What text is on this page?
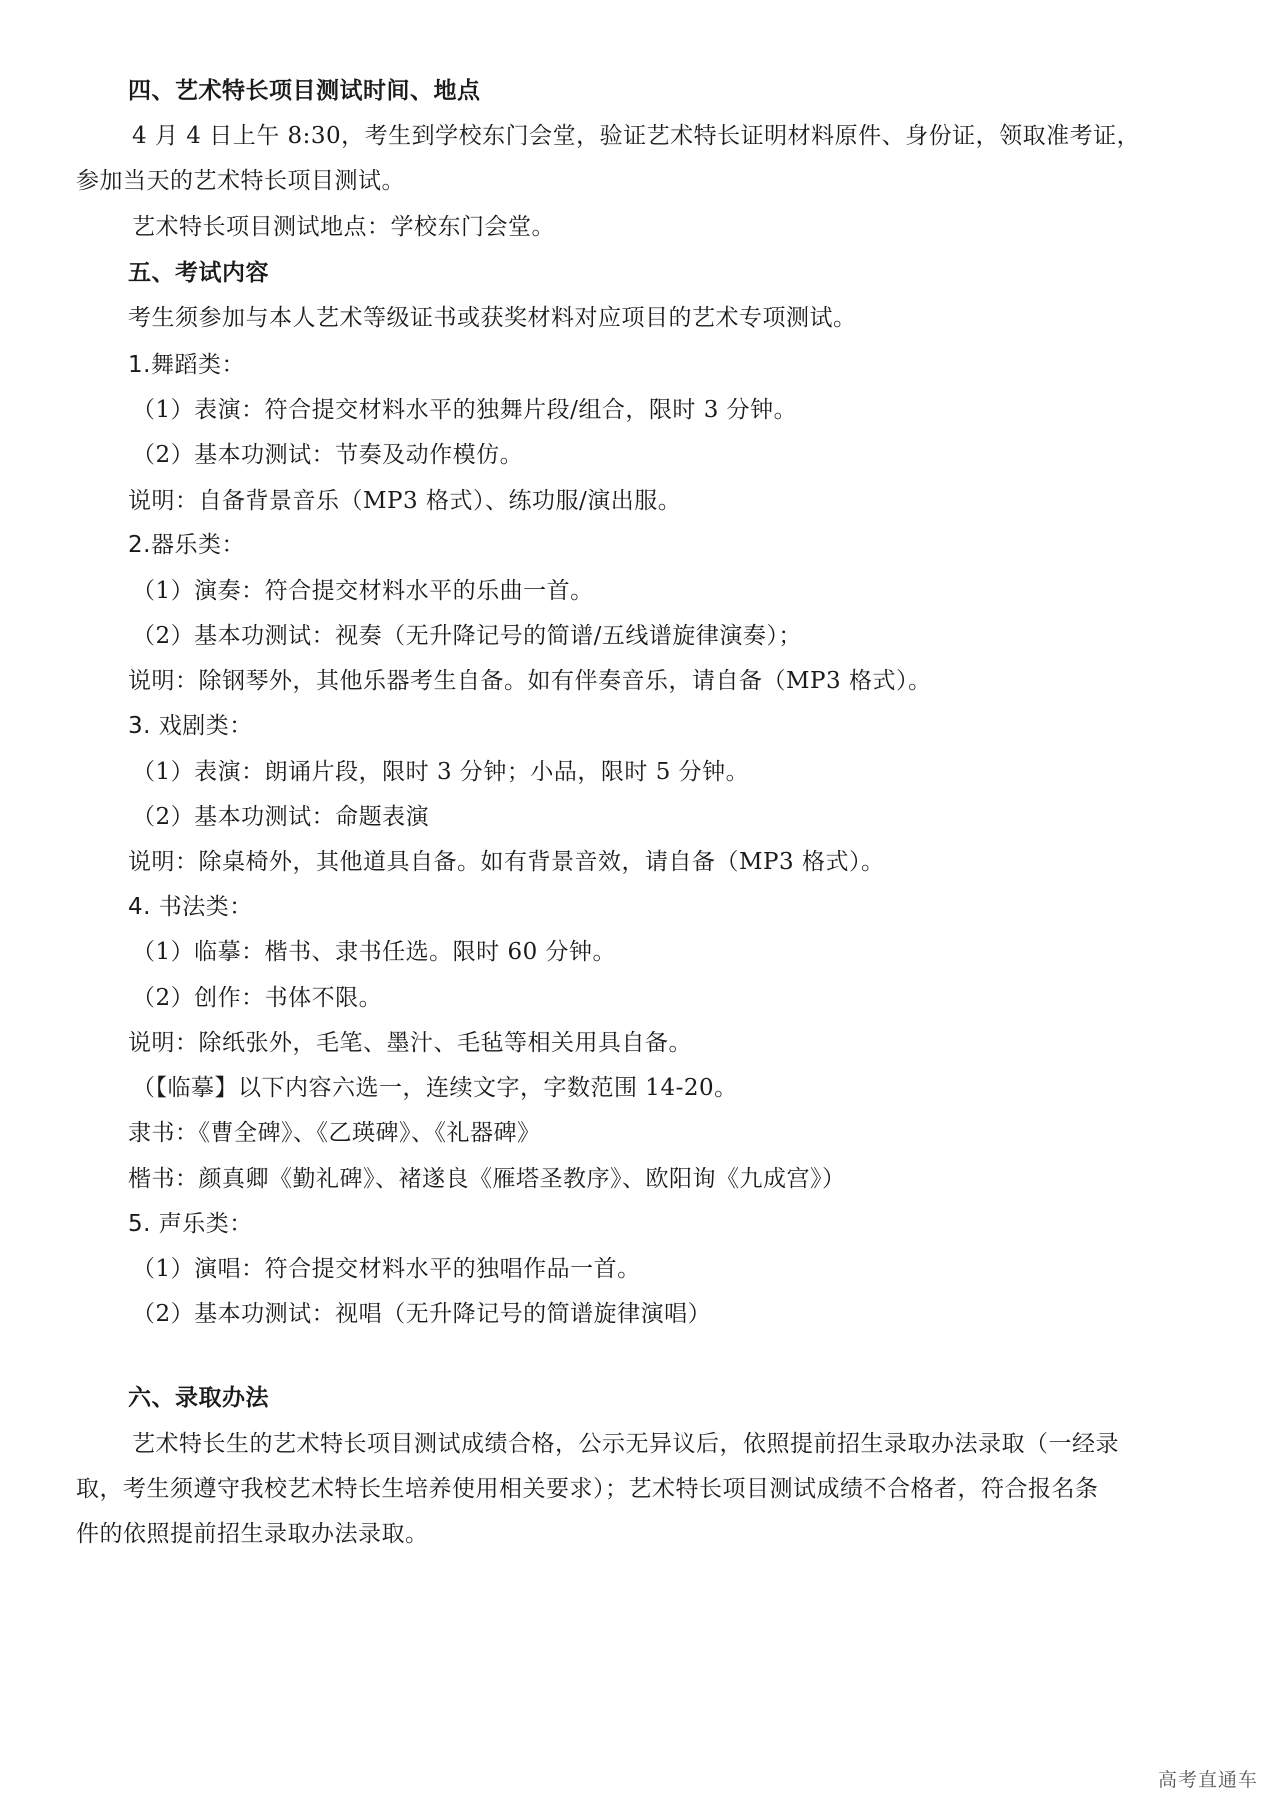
四、艺术特长项目测试时间、地点
4 月 4 日上午 8:30，考生到学校东门会堂，验证艺术特长证明材料原件、身份证，领取准考证，
参加当天的艺术特长项目测试。
艺术特长项目测试地点：学校东门会堂。
五、考试内容
考生须参加与本人艺术等级证书或获奖材料对应项目的艺术专项测试。
1.舞蹈类：
（1）表演：符合提交材料水平的独舞片段/组合，限时 3 分钟。
（2）基本功测试：节奏及动作模仿。
说明：自备背景音乐（MP3 格式）、练功服/演出服。
2.器乐类：
（1）演奏：符合提交材料水平的乐曲一首。
（2）基本功测试：视奏（无升降记号的简谱/五线谱旋律演奏）；
说明：除钢琴外，其他乐器考生自备。如有伴奏音乐，请自备（MP3 格式）。
3. 戏剧类：
（1）表演：朗诵片段，限时 3 分钟；小品，限时 5 分钟。
（2）基本功测试：命题表演
说明：除桌椅外，其他道具自备。如有背景音效，请自备（MP3 格式）。
4. 书法类：
（1）临摹：楷书、隶书任选。限时 60 分钟。
（2）创作：书体不限。
说明：除纸张外，毛笔、墨汁、毛毡等相关用具自备。
（【临摹】以下内容六选一，连续文字，字数范围 14-20。
隶书：《曹全碑》、《乙瑛碑》、《礼器碑》
楷书：颜真卿《勤礼碑》、褚遂良《雁塔圣教序》、欧阳询《九成宫》）
5. 声乐类：
（1）演唱：符合提交材料水平的独唱作品一首。
（2）基本功测试：视唱（无升降记号的简谱旋律演唱）
六、录取办法
艺术特长生的艺术特长项目测试成绩合格，公示无异议后，依照提前招生录取办法录取（一经录
取，考生须遵守我校艺术特长生培养使用相关要求）；艺术特长项目测试成绩不合格者，符合报名条
件的依照提前招生录取办法录取。
高考直通车
